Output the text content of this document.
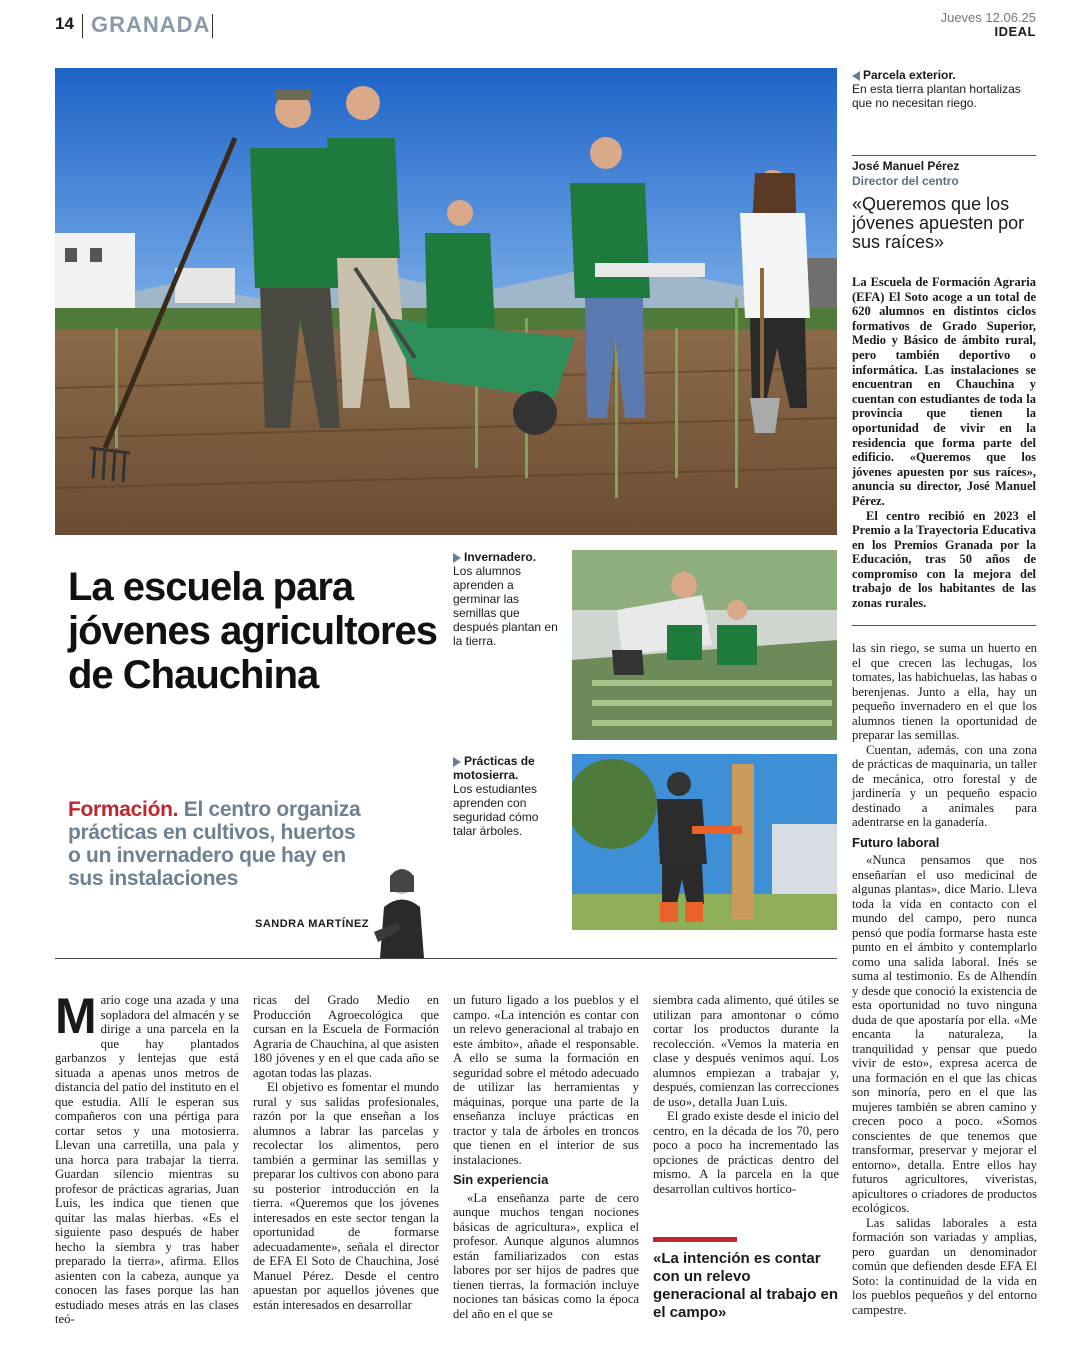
14 GRANADA	Jueves 12.06.25
IDEAL
Parcela exterior.
En esta tierra plantan hortalizas que no necesitan riego.
José Manuel Pérez
Director del centro
«Queremos que los jóvenes apuesten por sus raíces»

La Escuela de Formación Agraria (EFA) El Soto acoge a un total de 620 alumnos en distintos ciclos formativos de Grado Superior, Medio y Básico de ámbito rural, pero también deportivo o informática. Las instalaciones se encuentran en Chauchina y cuentan con estudiantes de toda la provincia que tienen la oportunidad de vivir en la residencia que forma parte del edificio. «Queremos que los jóvenes apuesten por sus raíces», anuncia su director, José Manuel Pérez.

El centro recibió en 2023 el Premio a la Trayectoria Educativa en los Premios Granada por la Educación, tras 50 años de compromiso con la mejora del trabajo de los habitantes de las zonas rurales.

La escuela para jóvenes agricultores de Chauchina
Formación. El centro organiza prácticas en cultivos, huertos o un invernadero que hay en sus instalaciones
SANDRA MARTÍNEZ
Invernadero.
Los alumnos aprenden a germinar las semillas que después plantan en la tierra.
Prácticas de motosierra.
Los estudiantes aprenden con seguridad cómo talar árboles.
M ario coge una azada y una sopladora del almacén y se dirige a una parcela en la que hay plantados garbanzos y lentejas que está situada a apenas unos metros de distancia del patio del instituto en el que estudia. Allí le esperan sus compañeros con una pértiga para cortar setos y una motosierra. Llevan una carretilla, una pala y una horca para trabajar la tierra. Guardan silencio mientras su profesor de prácticas agrarias, Juan Luis, les indica que tienen que quitar las malas hierbas. «Es el siguiente paso después de haber hecho la siembra y tras haber preparado la tierra», afirma. Ellos asienten con la cabeza, aunque ya conocen las fases porque las han estudiado meses atrás en las clases teó-

ricas del Grado Medio en Producción Agroecológica que cursan en la Escuela de Formación Agraria de Chauchina, al que asisten 180 jóvenes y en el que cada año se agotan todas las plazas.

El objetivo es fomentar el mundo rural y sus salidas profesionales, razón por la que enseñan a los alumnos a labrar las parcelas y recolectar los alimentos, pero también a germinar las semillas y preparar los cultivos con abono para su posterior introducción en la tierra. «Queremos que los jóvenes interesados en este sector tengan la oportunidad de formarse adecuadamente», señala el director de EFA El Soto de Chauchina, José Manuel Pérez. Desde el centro apuestan por aquellos jóvenes que están interesados en desarrollar

un futuro ligado a los pueblos y el campo. «La intención es contar con un relevo generacional al trabajo en este ámbito», añade el responsable. A ello se suma la formación en seguridad sobre el método adecuado de utilizar las herramientas y máquinas, porque una parte de la enseñanza incluye prácticas en tractor y tala de árboles en troncos que tienen en el interior de sus instalaciones.

Sin experiencia

«La enseñanza parte de cero aunque muchos tengan nociones básicas de agricultura», explica el profesor. Aunque algunos alumnos están familiarizados con estas labores por ser hijos de padres que tienen tierras, la formación incluye nociones tan básicas como la época del año en el que se

siembra cada alimento, qué útiles se utilizan para amontonar o cómo cortar los productos durante la recolección. «Vemos la materia en clase y después venimos aquí. Los alumnos empiezan a trabajar y, después, comienzan las correcciones de uso», detalla Juan Luis.

El grado existe desde el inicio del centro, en la década de los 70, pero poco a poco ha incrementado las opciones de prácticas dentro del mismo. A la parcela en la que desarrollan cultivos hortíco-

«La intención es contar con un relevo generacional al trabajo en el campo»

las sin riego, se suma un huerto en el que crecen las lechugas, los tomates, las habichuelas, las habas o berenjenas. Junto a ella, hay un pequeño invernadero en el que los alumnos tienen la oportunidad de preparar las semillas.

Cuentan, además, con una zona de prácticas de maquinaria, un taller de mecánica, otro forestal y de jardinería y un pequeño espacio destinado a animales para adentrarse en la ganadería.

Futuro laboral

«Nunca pensamos que nos enseñarían el uso medicinal de algunas plantas», dice Mario. Lleva toda la vida en contacto con el mundo del campo, pero nunca pensó que podía formarse hasta este punto en el ámbito y contemplarlo como una salida laboral. Inés se suma al testimonio. Es de Alhendín y desde que conoció la existencia de esta oportunidad no tuvo ninguna duda de que apostaría por ella. «Me encanta la naturaleza, la tranquilidad y pensar que puedo vivir de esto», expresa acerca de una formación en el que las chicas son minoría, pero en el que las mujeres también se abren camino y crecen poco a poco. «Somos conscientes de que tenemos que transformar, preservar y mejorar el entorno», detalla. Entre ellos hay futuros agricultores, viveristas, apicultores o criadores de productos ecológicos.

Las salidas laborales a esta formación son variadas y amplias, pero guardan un denominador común que defienden desde EFA El Soto: la continuidad de la vida en los pueblos pequeños y del entorno campestre.
